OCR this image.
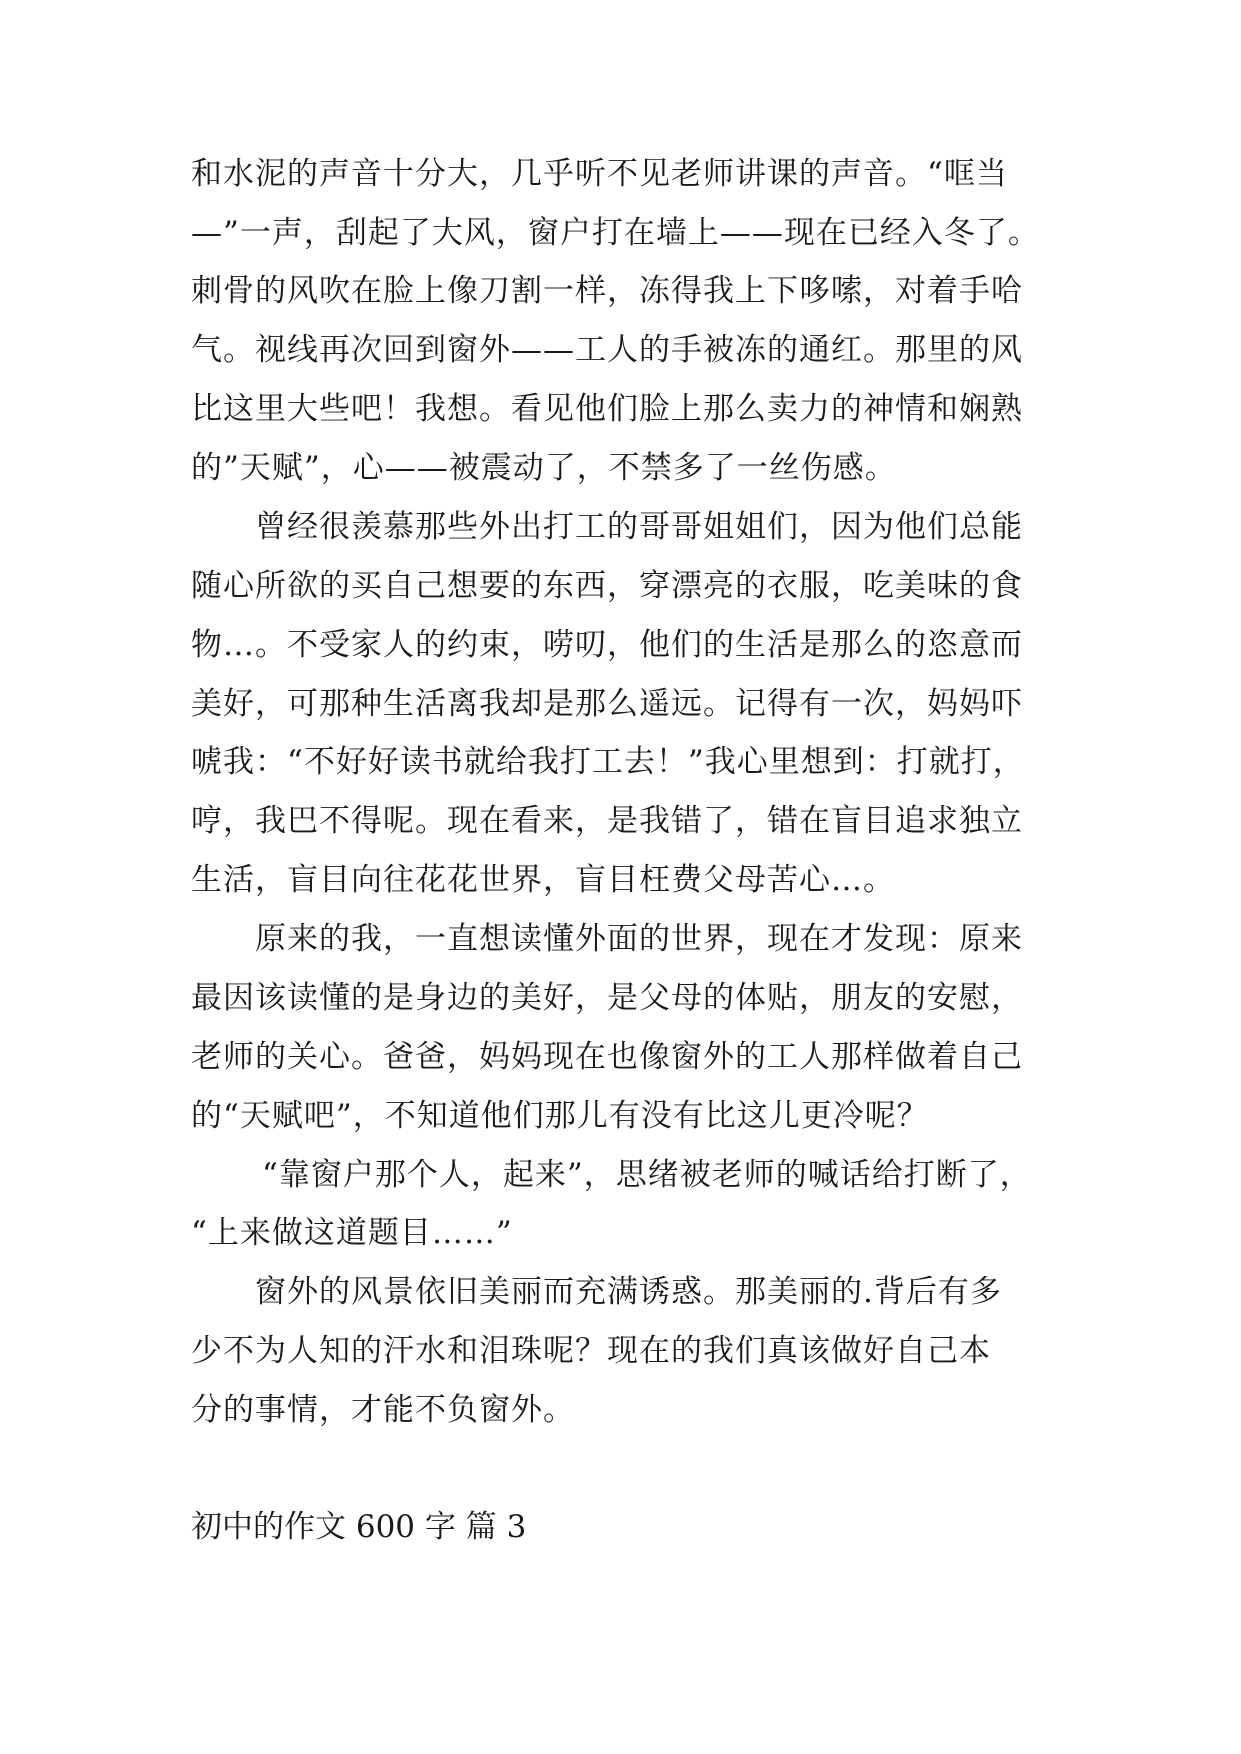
和水泥的声音十分大，几乎听不见老师讲课的声音。“哐当
—”一声，刮起了大风，窗户打在墙上——现在已经入冬了。
刺骨的风吹在脸上像刀割一样，冻得我上下哆嗦，对着手哈
气。视线再次回到窗外——工人的手被冻的通红。那里的风
比这里大些吧！我想。看见他们脸上那么卖力的神情和娴熟
的”天赋”，心——被震动了，不禁多了一丝伤感。
曾经很羡慕那些外出打工的哥哥姐姐们，因为他们总能
随心所欲的买自己想要的东西，穿漂亮的衣服，吃美味的食
物…。不受家人的约束，唠叨，他们的生活是那么的恣意而
美好，可那种生活离我却是那么遥远。记得有一次，妈妈吓
唬我：“不好好读书就给我打工去！”我心里想到：打就打，
哼，我巴不得呢。现在看来，是我错了，错在盲目追求独立
生活，盲目向往花花世界，盲目枉费父母苦心…。
原来的我，一直想读懂外面的世界，现在才发现：原来
最因该读懂的是身边的美好，是父母的体贴，朋友的安慰，
老师的关心。爸爸，妈妈现在也像窗外的工人那样做着自己
的“天赋吧”，不知道他们那儿有没有比这儿更冷呢？
“靠窗户那个人，起来”，思绪被老师的喊话给打断了，
“上来做这道题目……”
窗外的风景依旧美丽而充满诱惑。那美丽的.背后有多
少不为人知的汗水和泪珠呢？现在的我们真该做好自己本
分的事情，才能不负窗外。
初中的作文 600 字 篇 3
